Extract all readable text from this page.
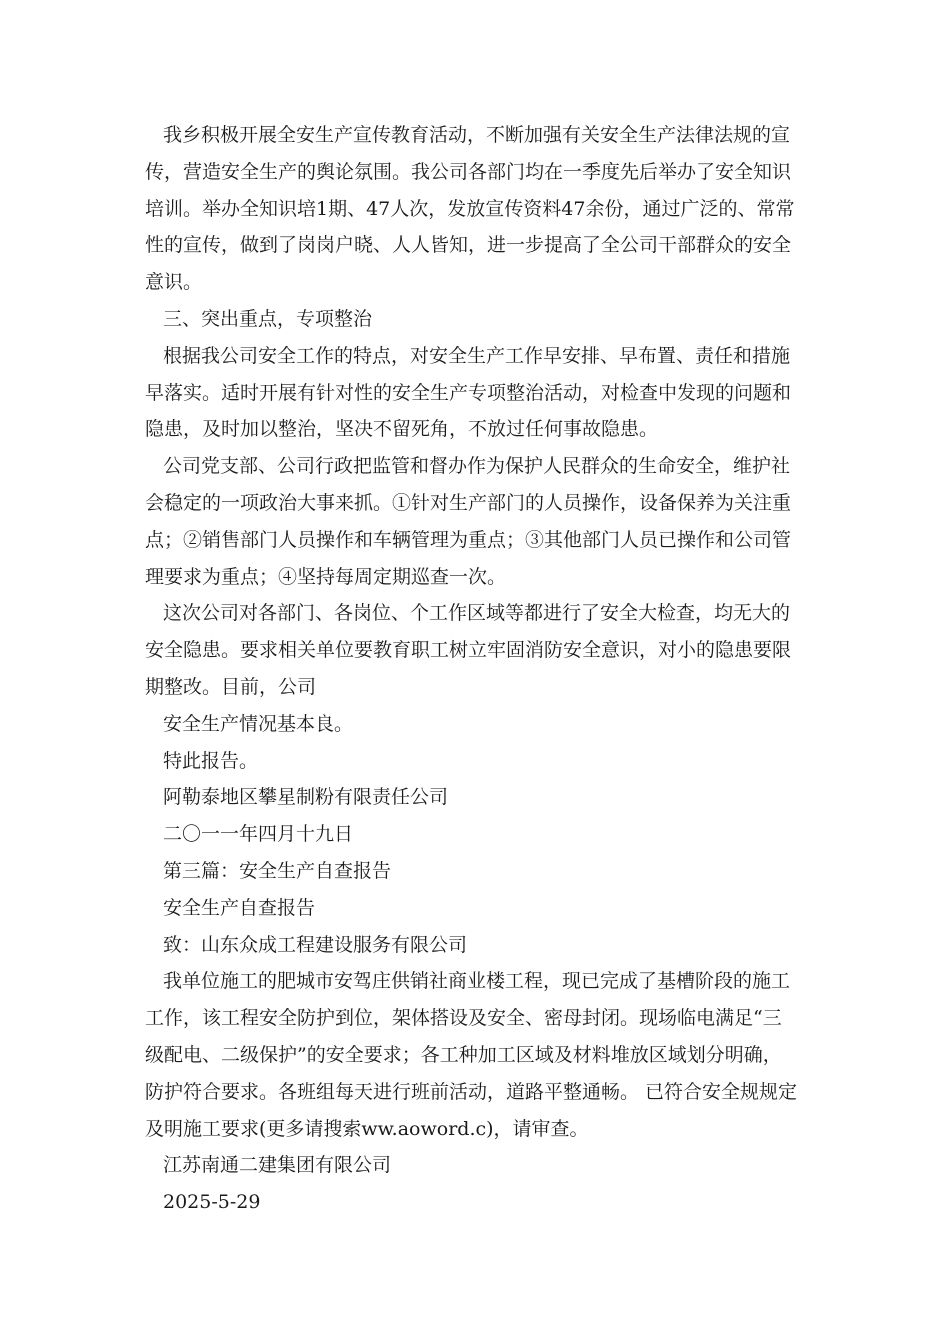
我乡积极开展全安生产宣传教育活动，不断加强有关安全生产法律法规的宣

传，营造安全生产的舆论氛围。我公司各部门均在一季度先后举办了安全知识

培训。举办全知识培1期、47人次，发放宣传资料47余份，通过广泛的、常常

性的宣传，做到了岗岗户晓、人人皆知，进一步提高了全公司干部群众的安全

意识。

三、突出重点，专项整治

根据我公司安全工作的特点，对安全生产工作早安排、早布置、责任和措施

早落实。适时开展有针对性的安全生产专项整治活动，对检查中发现的问题和

隐患，及时加以整治，坚决不留死角，不放过任何事故隐患。

公司党支部、公司行政把监管和督办作为保护人民群众的生命安全，维护社

会稳定的一项政治大事来抓。①针对生产部门的人员操作，设备保养为关注重

点；②销售部门人员操作和车辆管理为重点；③其他部门人员已操作和公司管

理要求为重点；④坚持每周定期巡查一次。

这次公司对各部门、各岗位、个工作区域等都进行了安全大检查，均无大的

安全隐患。要求相关单位要教育职工树立牢固消防安全意识，对小的隐患要限

期整改。目前，公司

安全生产情况基本良。

特此报告。

阿勒泰地区攀星制粉有限责任公司

二〇一一年四月十九日

第三篇：安全生产自查报告

安全生产自查报告

致：山东众成工程建设服务有限公司

我单位施工的肥城市安驾庄供销社商业楼工程，现已完成了基槽阶段的施工

工作，该工程安全防护到位，架体搭设及安全、密母封闭。现场临电满足“三

级配电、二级保护”的安全要求；各工种加工区域及材料堆放区域划分明确，

防护符合要求。各班组每天进行班前活动，道路平整通畅。 已符合安全规规定

及明施工要求(更多请搜索ww.aoword.c)，请审查。

江苏南通二建集团有限公司

2025-5-29
